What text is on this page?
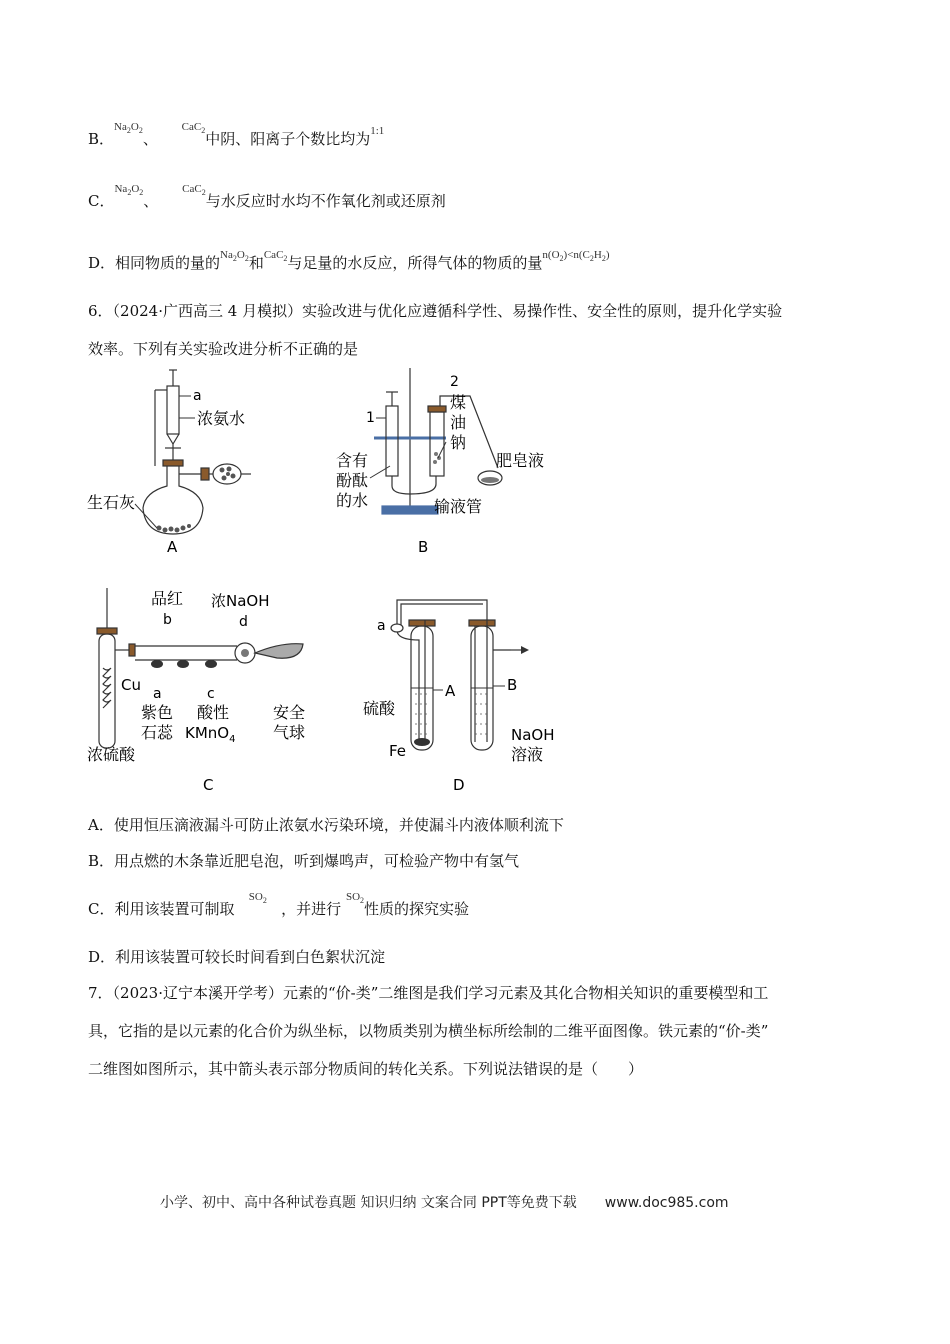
B．$^{Na_2O_2}$、     $^{CaC_2}$中阴、阳离子个数比均为$^{1:1}$
C．$^{Na_2O_2}$、     $^{CaC_2}$与水反应时水均不作氧化剂或还原剂
D．相同物质的量的$^{Na_2O_2}$和$^{CaC_2}$与足量的水反应，所得气体的物质的量$^{n(O_2)<n(C_2H_2)}$
6．（2024·广西高三 4 月模拟）实验改进与优化应遵循科学性、易操作性、安全性的原则，提升化学实验
效率。下列有关实验改进分析不正确的是
a
浓氨水
生石灰
A
1
2
煤
油
钠
肥皂液
含有
酚酞
的水	输液管
B
品红
b
浓NaOH
d
Cu a	c
紫色
石蕊
酸性
KMnO$_4$
安全
气球
浓硫酸
C
a
硫酸
A	B
Fe
NaOH
溶液
D
A．使用恒压滴液漏斗可防止浓氨水污染环境，并使漏斗内液体顺利流下
B．用点燃的木条靠近肥皂泡，听到爆鸣声，可检验产物中有氢气
C．利用该装置可制取   $^{SO_2}$ ，并进行 $^{SO_2}$性质的探究实验
D．利用该装置可较长时间看到白色絮状沉淀
7．（2023·辽宁本溪开学考）元素的“价-类”二维图是我们学习元素及其化合物相关知识的重要模型和工
具，它指的是以元素的化合价为纵坐标，以物质类别为横坐标所绘制的二维平面图像。铁元素的“价-类”
二维图如图所示，其中箭头表示部分物质间的转化关系。下列说法错误的是（　　）
小学、初中、高中各种试卷真题 知识归纳 文案合同 PPT等免费下载 www.doc985.com
